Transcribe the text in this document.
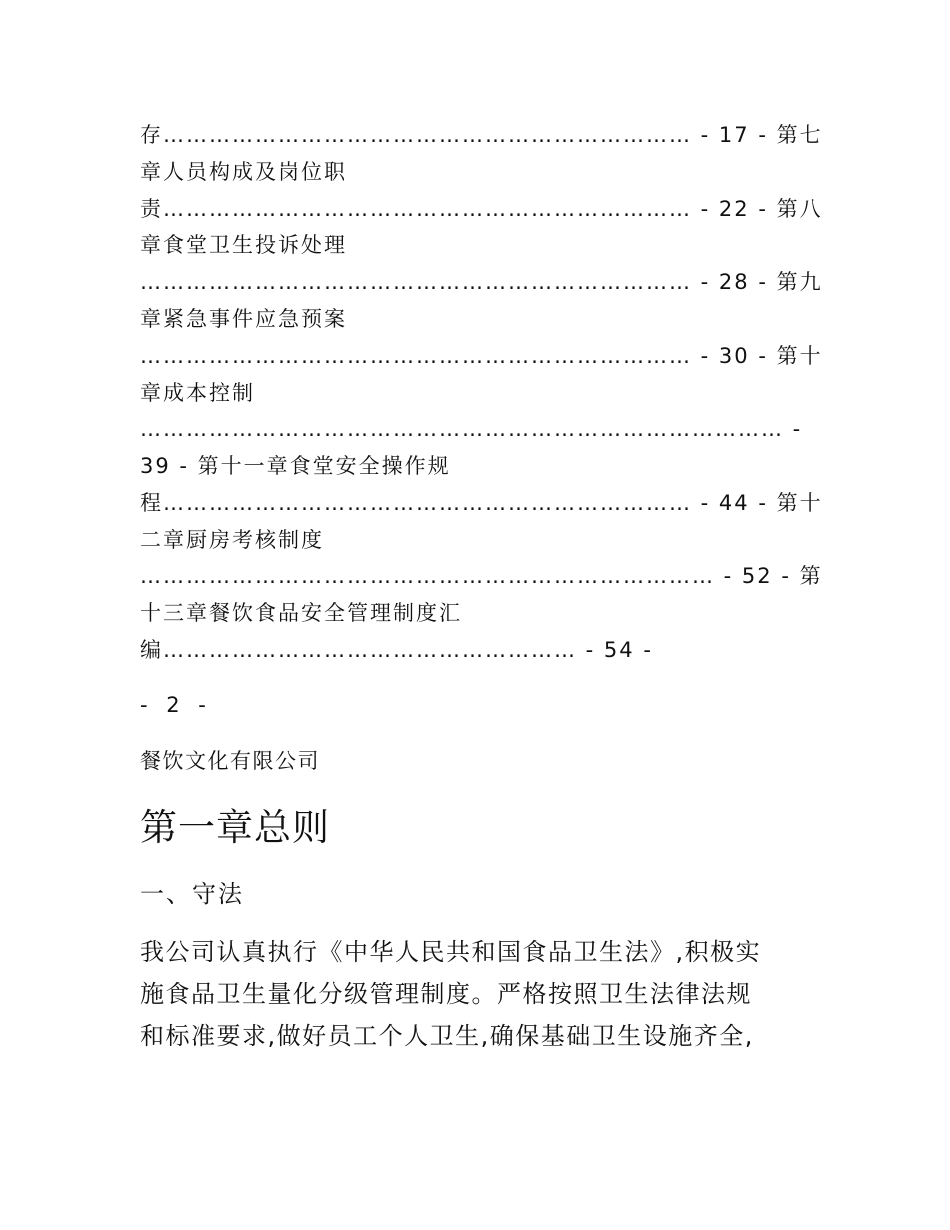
存…………………………………………………………… - 17 - 第七
章人员构成及岗位职
责…………………………………………………………… - 22 - 第八
章食堂卫生投诉处理
……………………………………………………………… - 28 - 第九
章紧急事件应急预案
……………………………………………………………… - 30 - 第十
章成本控制
………………………………………………………………………… -
39 - 第十一章食堂安全操作规
程…………………………………………………………… - 44 - 第十
二章厨房考核制度
………………………………………………………………… - 52 - 第
十三章餐饮食品安全管理制度汇
编……………………………………………… - 54 -
- 2 -
餐饮文化有限公司
第一章总则
一、守法
我公司认真执行《中华人民共和国食品卫生法》,积极实
施食品卫生量化分级管理制度。严格按照卫生法律法规
和标准要求,做好员工个人卫生,确保基础卫生设施齐全,
